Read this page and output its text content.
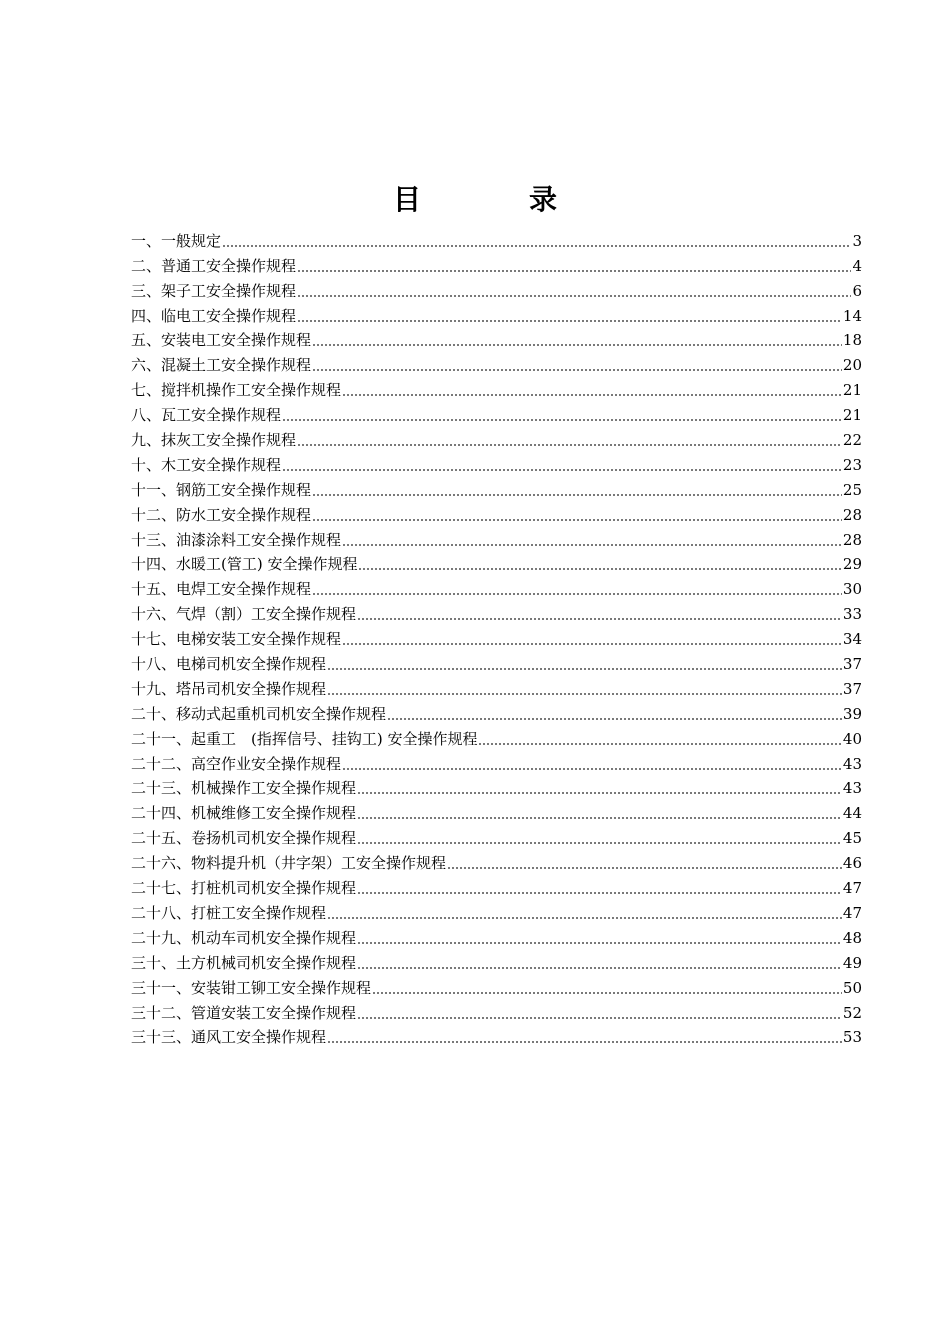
目　录
一、一般规定	3
二、普通工安全操作规程	4
三、架子工安全操作规程	6
四、临电工安全操作规程	14
五、安装电工安全操作规程	18
六、混凝土工安全操作规程	20
七、搅拌机操作工安全操作规程	21
八、瓦工安全操作规程	21
九、抹灰工安全操作规程	22
十、木工安全操作规程	23
十一、钢筋工安全操作规程	25
十二、防水工安全操作规程	28
十三、油漆涂料工安全操作规程	28
十四、水暖工(管工) 安全操作规程	29
十五、电焊工安全操作规程	30
十六、气焊（割）工安全操作规程	33
十七、电梯安装工安全操作规程	34
十八、电梯司机安全操作规程	37
十九、塔吊司机安全操作规程	37
二十、移动式起重机司机安全操作规程	39
二十一、起重工　(指挥信号、挂钩工) 安全操作规程	40
二十二、高空作业安全操作规程	43
二十三、机械操作工安全操作规程	43
二十四、机械维修工安全操作规程	44
二十五、卷扬机司机安全操作规程	45
二十六、物料提升机（井字架）工安全操作规程	46
二十七、打桩机司机安全操作规程	47
二十八、打桩工安全操作规程	47
二十九、机动车司机安全操作规程	48
三十、土方机械司机安全操作规程	49
三十一、安装钳工铆工安全操作规程	50
三十二、管道安装工安全操作规程	52
三十三、通风工安全操作规程	53
